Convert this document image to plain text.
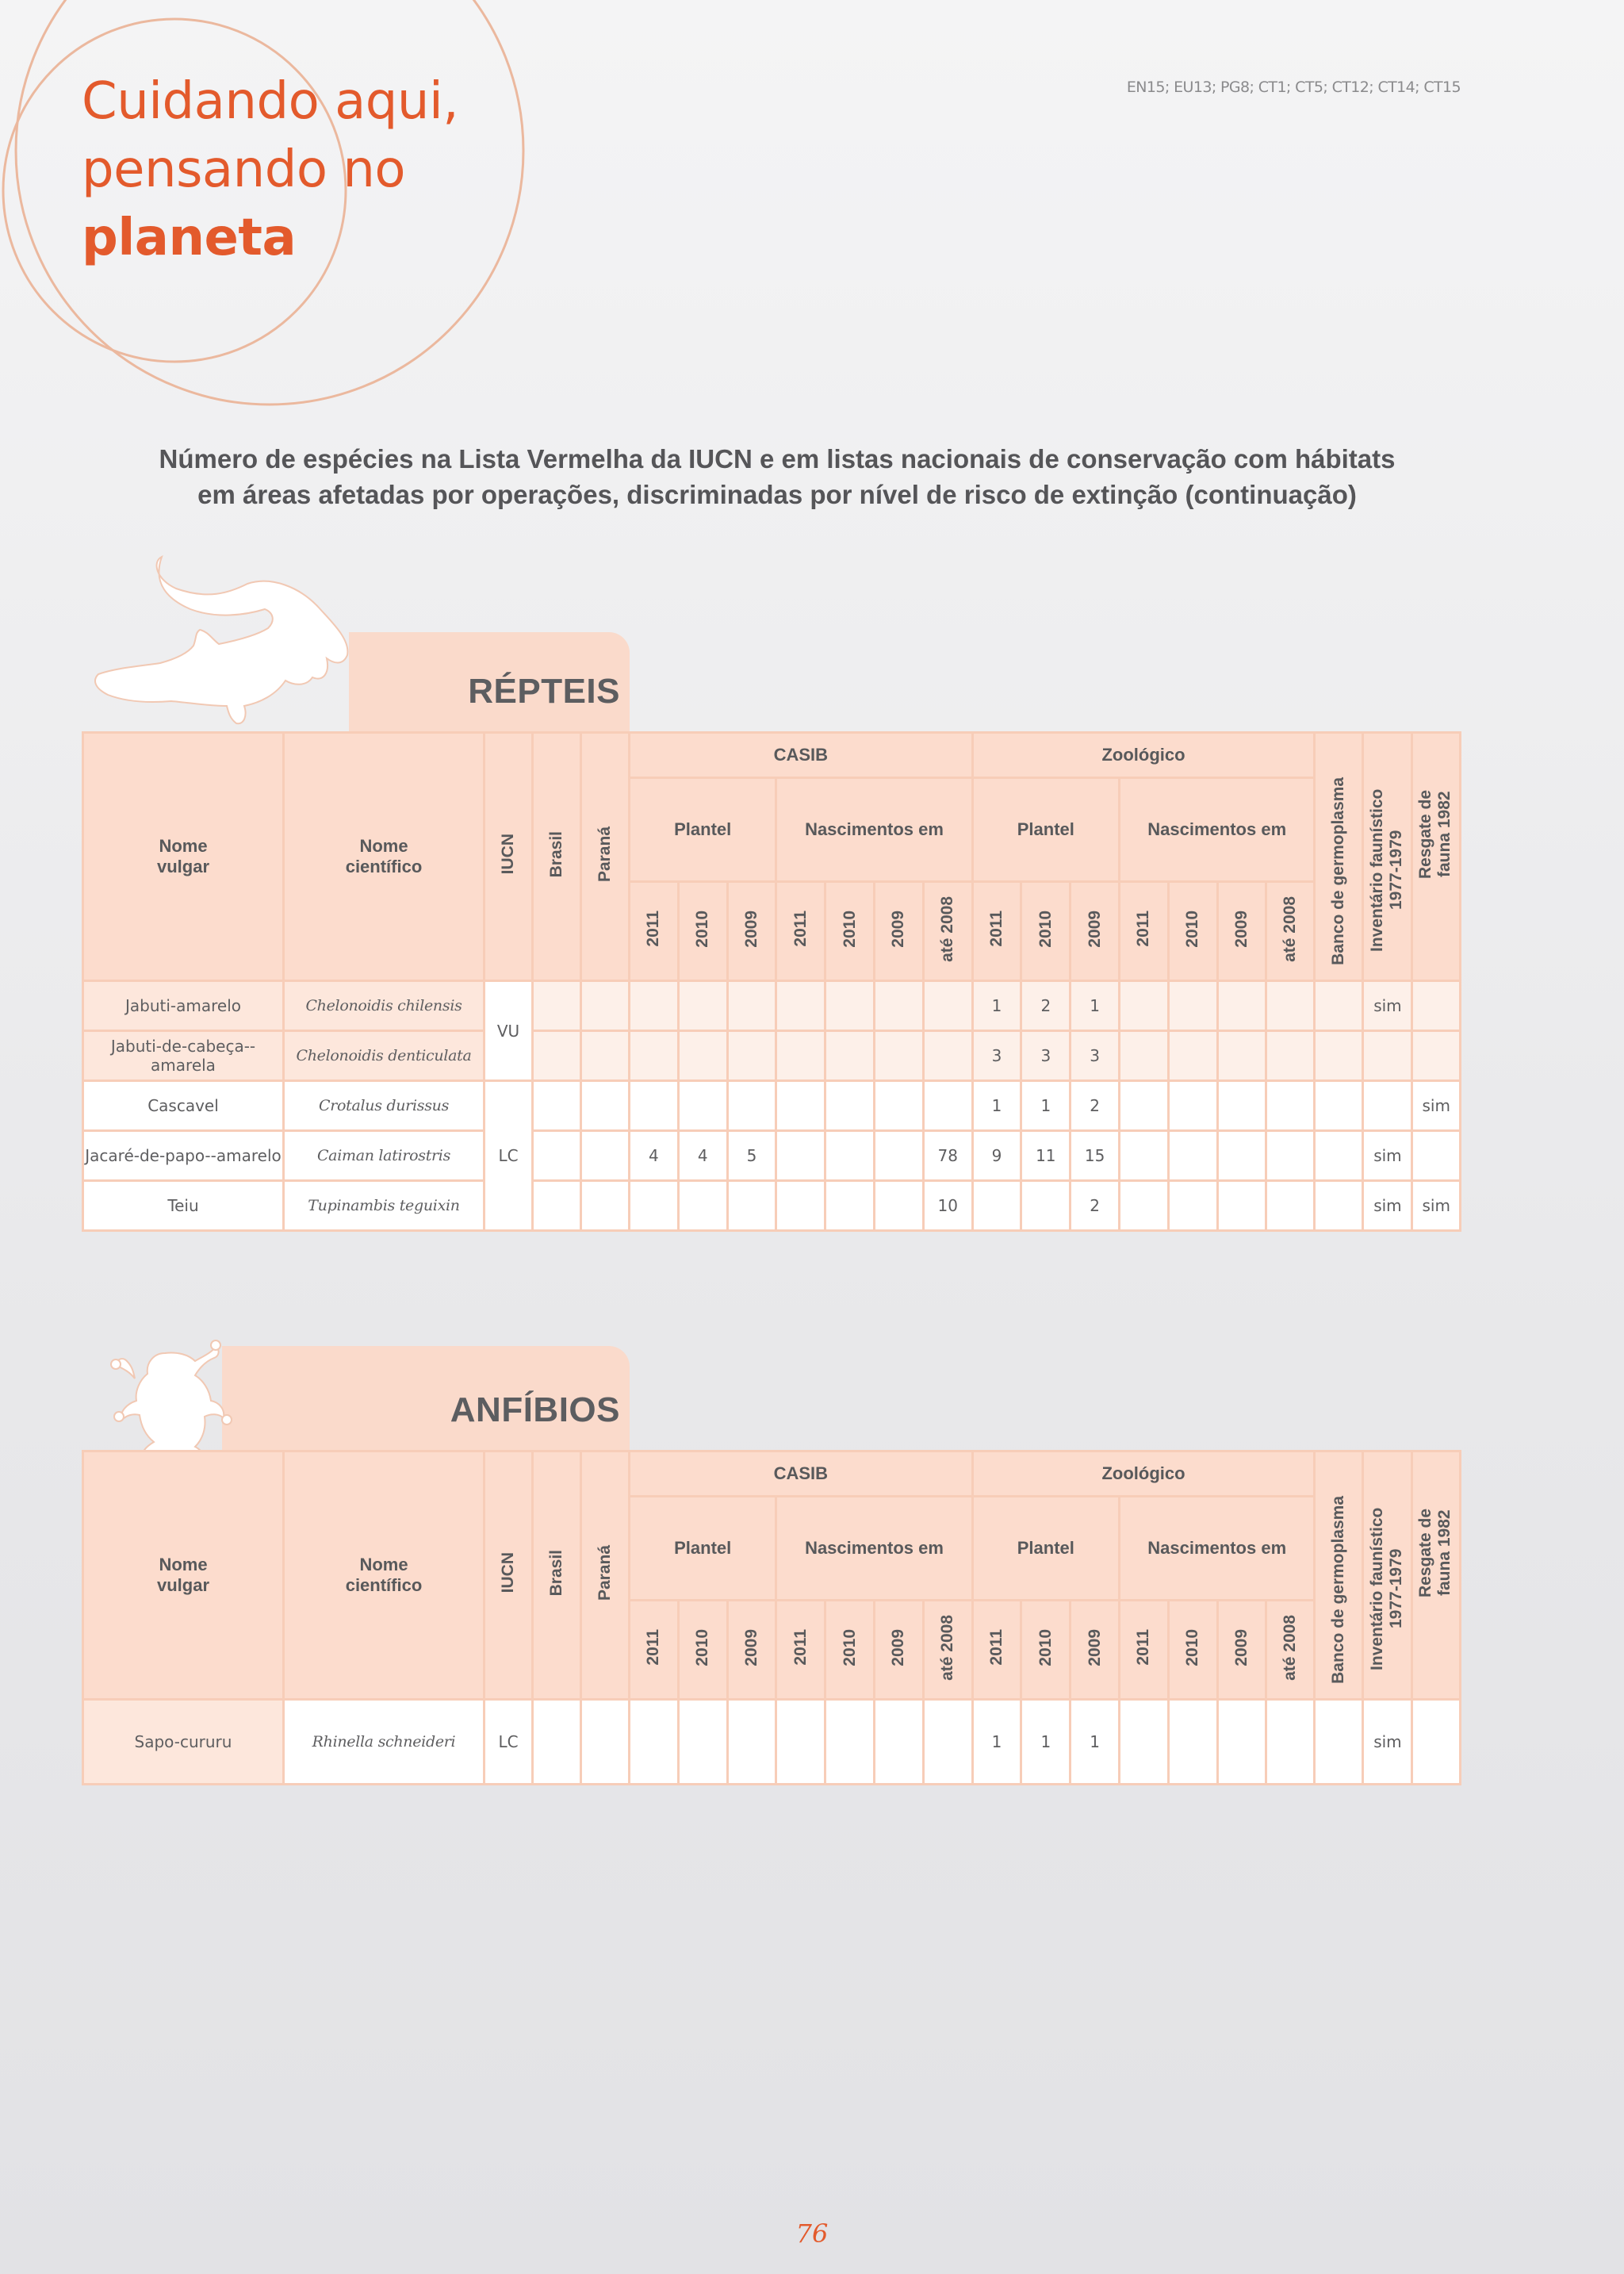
Cuidando aqui,
pensando no
planeta
EN15; EU13; PG8; CT1; CT5; CT12; CT14; CT15
Número de espécies na Lista Vermelha da IUCN e em listas nacionais de conservação com hábitats
em áreas afetadas por operações, discriminadas por nível de risco de extinção (continuação)
RÉPTEIS
Nome vulgar	Nome científico	IUCN	Brasil	Paraná	CASIB							Zoológico							Banco de germoplasma	Inventário faunístico 1977-1979	Resgate de fauna 1982
					Plantel			Nascimentos em				Plantel			Nascimentos em						
					2011	2010	2009	2011	2010	2009	até 2008	2011	2010	2009	2011	2010	2009	até 2008			
Jabuti-amarelo	Chelonoidis chilensis	VU										1	2	1						sim	
Jabuti-de-cabeça--amarela	Chelonoidis denticulata											3	3	3							
Cascavel	Crotalus durissus	LC										1	1	2							sim
Jacaré-de-papo--amarelo	Caiman latirostris				4	4	5				78	9	11	15						sim	
Teiu	Tupinambis teguixin										10			2						sim	sim
ANFÍBIOS
Nome vulgar	Nome científico	IUCN	Brasil	Paraná	CASIB							Zoológico							Banco de germoplasma	Inventário faunístico 1977-1979	Resgate de fauna 1982
					Plantel			Nascimentos em				Plantel			Nascimentos em						
					2011	2010	2009	2011	2010	2009	até 2008	2011	2010	2009	2011	2010	2009	até 2008			
Sapo-cururu	Rhinella schneideri	LC										1	1	1						sim	
76
